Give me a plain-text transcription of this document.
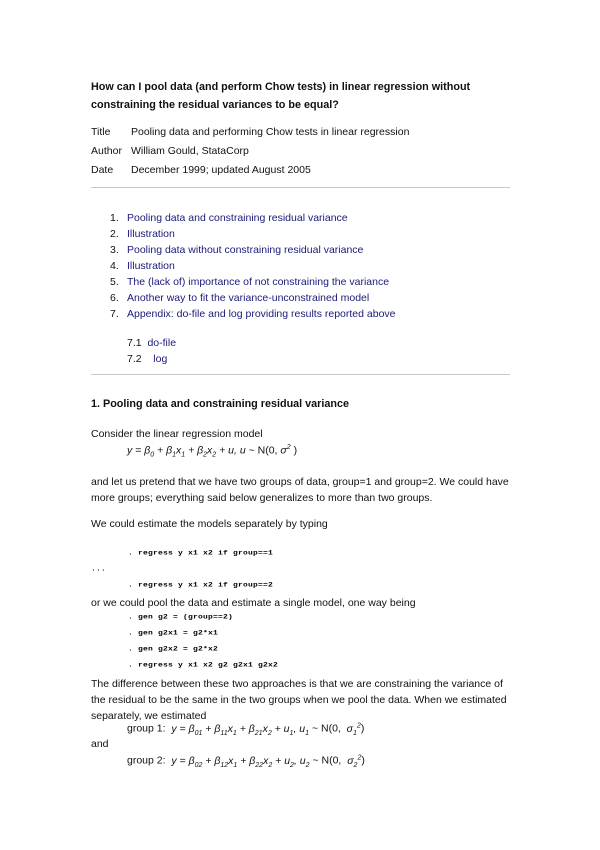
How can I pool data (and perform Chow tests) in linear regression without constraining the residual variances to be equal?
Title Pooling data and performing Chow tests in linear regression
Author William Gould, StataCorp
Date December 1999; updated August 2005
1. Pooling data and constraining residual variance
2. Illustration
3. Pooling data without constraining residual variance
4. Illustration
5. The (lack of) importance of not constraining the variance
6. Another way to fit the variance-unconstrained model
7. Appendix: do-file and log providing results reported above
7.1 do-file
7.2 log
1. Pooling data and constraining residual variance
Consider the linear regression model
$y = \beta_0 + \beta_1x_1 + \beta_2x_2 + u$, u ~ N(0, $\sigma^2$ )
and let us pretend that we have two groups of data, group=1 and group=2. We could have more groups; everything said below generalizes to more than two groups.
We could estimate the models separately by typing
. regress y x1 x2 if group==1
...
. regress y x1 x2 if group==2
or we could pool the data and estimate a single model, one way being
. gen g2 = (group==2)
. gen g2x1 = g2*x1
. gen g2x2 = g2*x2
. regress y x1 x2 g2 g2x1 g2x2
The difference between these two approaches is that we are constraining the variance of the residual to be the same in the two groups when we pool the data. When we estimated separately, we estimated
group 1: $y = \beta_{01} + \beta_{11}x_1 + \beta_{21}x_2 + u_1$, $u_1$ ~ N(0,  $\sigma_1^2$)
and
group 2: $y = \beta_{02} + \beta_{12}x_1 + \beta_{22}x_2 + u_2$, $u_2$ ~ N(0,  $\sigma_2^2$)
